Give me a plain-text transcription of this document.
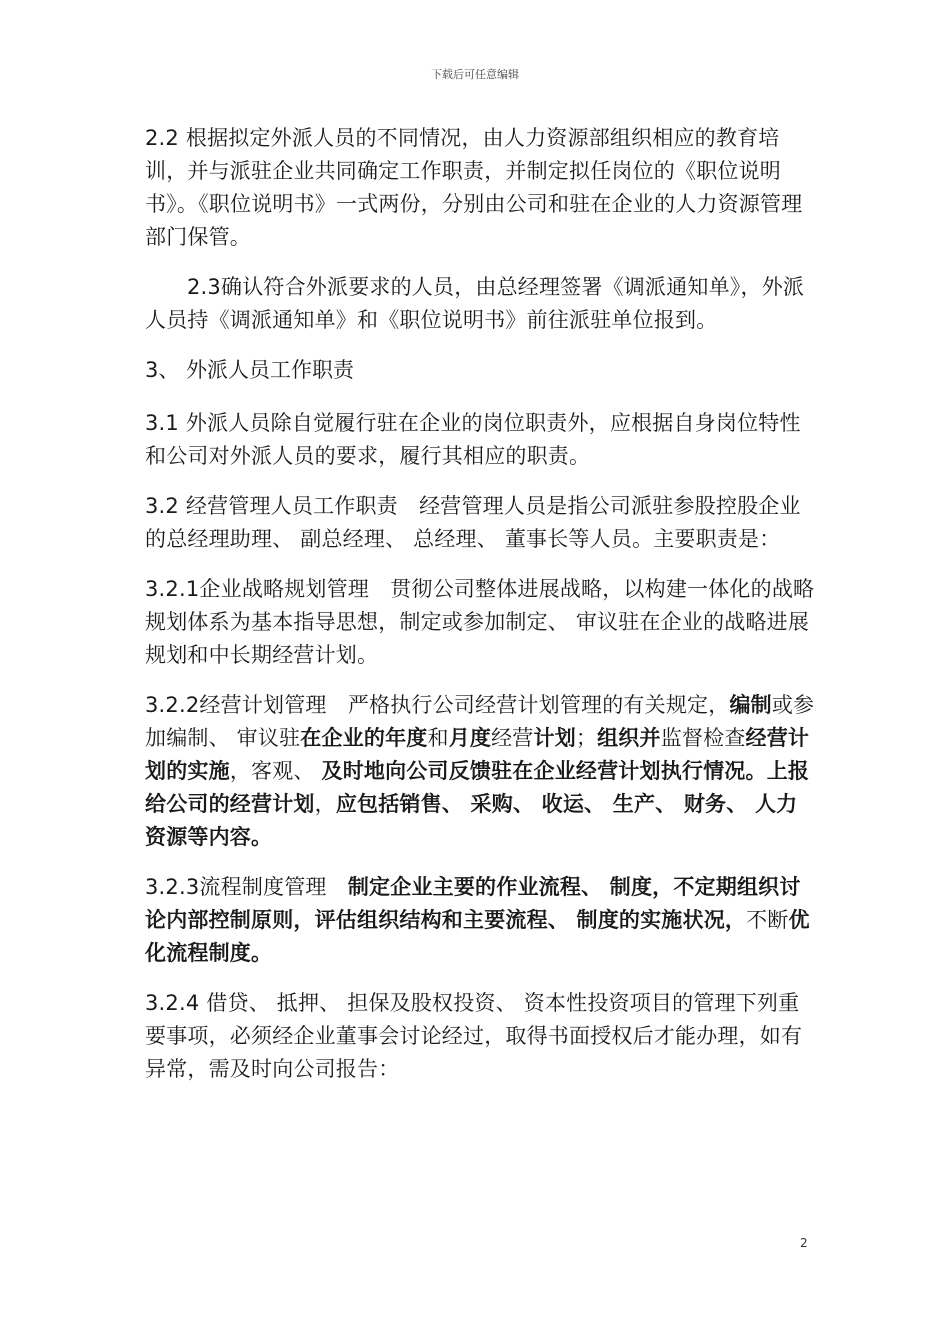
下载后可任意编辑

2.2 根据拟定外派人员的不同情况，由人力资源部组织相应的教育培训，并与派驻企业共同确定工作职责，并制定拟任岗位的《职位说明书》。《职位说明书》一式两份，分别由公司和驻在企业的人力资源管理部门保管。

2.3确认符合外派要求的人员，由总经理签署《调派通知单》，外派人员持《调派通知单》和《职位说明书》前往派驻单位报到。

3、 外派人员工作职责

3.1 外派人员除自觉履行驻在企业的岗位职责外，应根据自身岗位特性和公司对外派人员的要求，履行其相应的职责。

3.2 经营管理人员工作职责　经营管理人员是指公司派驻参股控股企业的总经理助理、 副总经理、 总经理、 董事长等人员。主要职责是：

3.2.1企业战略规划管理　贯彻公司整体进展战略，以构建一体化的战略规划体系为基本指导思想，制定或参加制定、 审议驻在企业的战略进展规划和中长期经营计划。

3.2.2经营计划管理　严格执行公司经营计划管理的有关规定，编制或参加编制、 审议驻在企业的年度和月度经营计划；组织并监督检查经营计划的实施，客观、 及时地向公司反馈驻在企业经营计划执行情况。上报给公司的经营计划，应包括销售、 采购、 收运、 生产、 财务、 人力资源等内容。

3.2.3流程制度管理　制定企业主要的作业流程、 制度，不定期组织讨论内部控制原则，评估组织结构和主要流程、 制度的实施状况，不断优化流程制度。

3.2.4 借贷、 抵押、 担保及股权投资、 资本性投资项目的管理下列重要事项，必须经企业董事会讨论经过，取得书面授权后才能办理，如有异常，需及时向公司报告：

2
